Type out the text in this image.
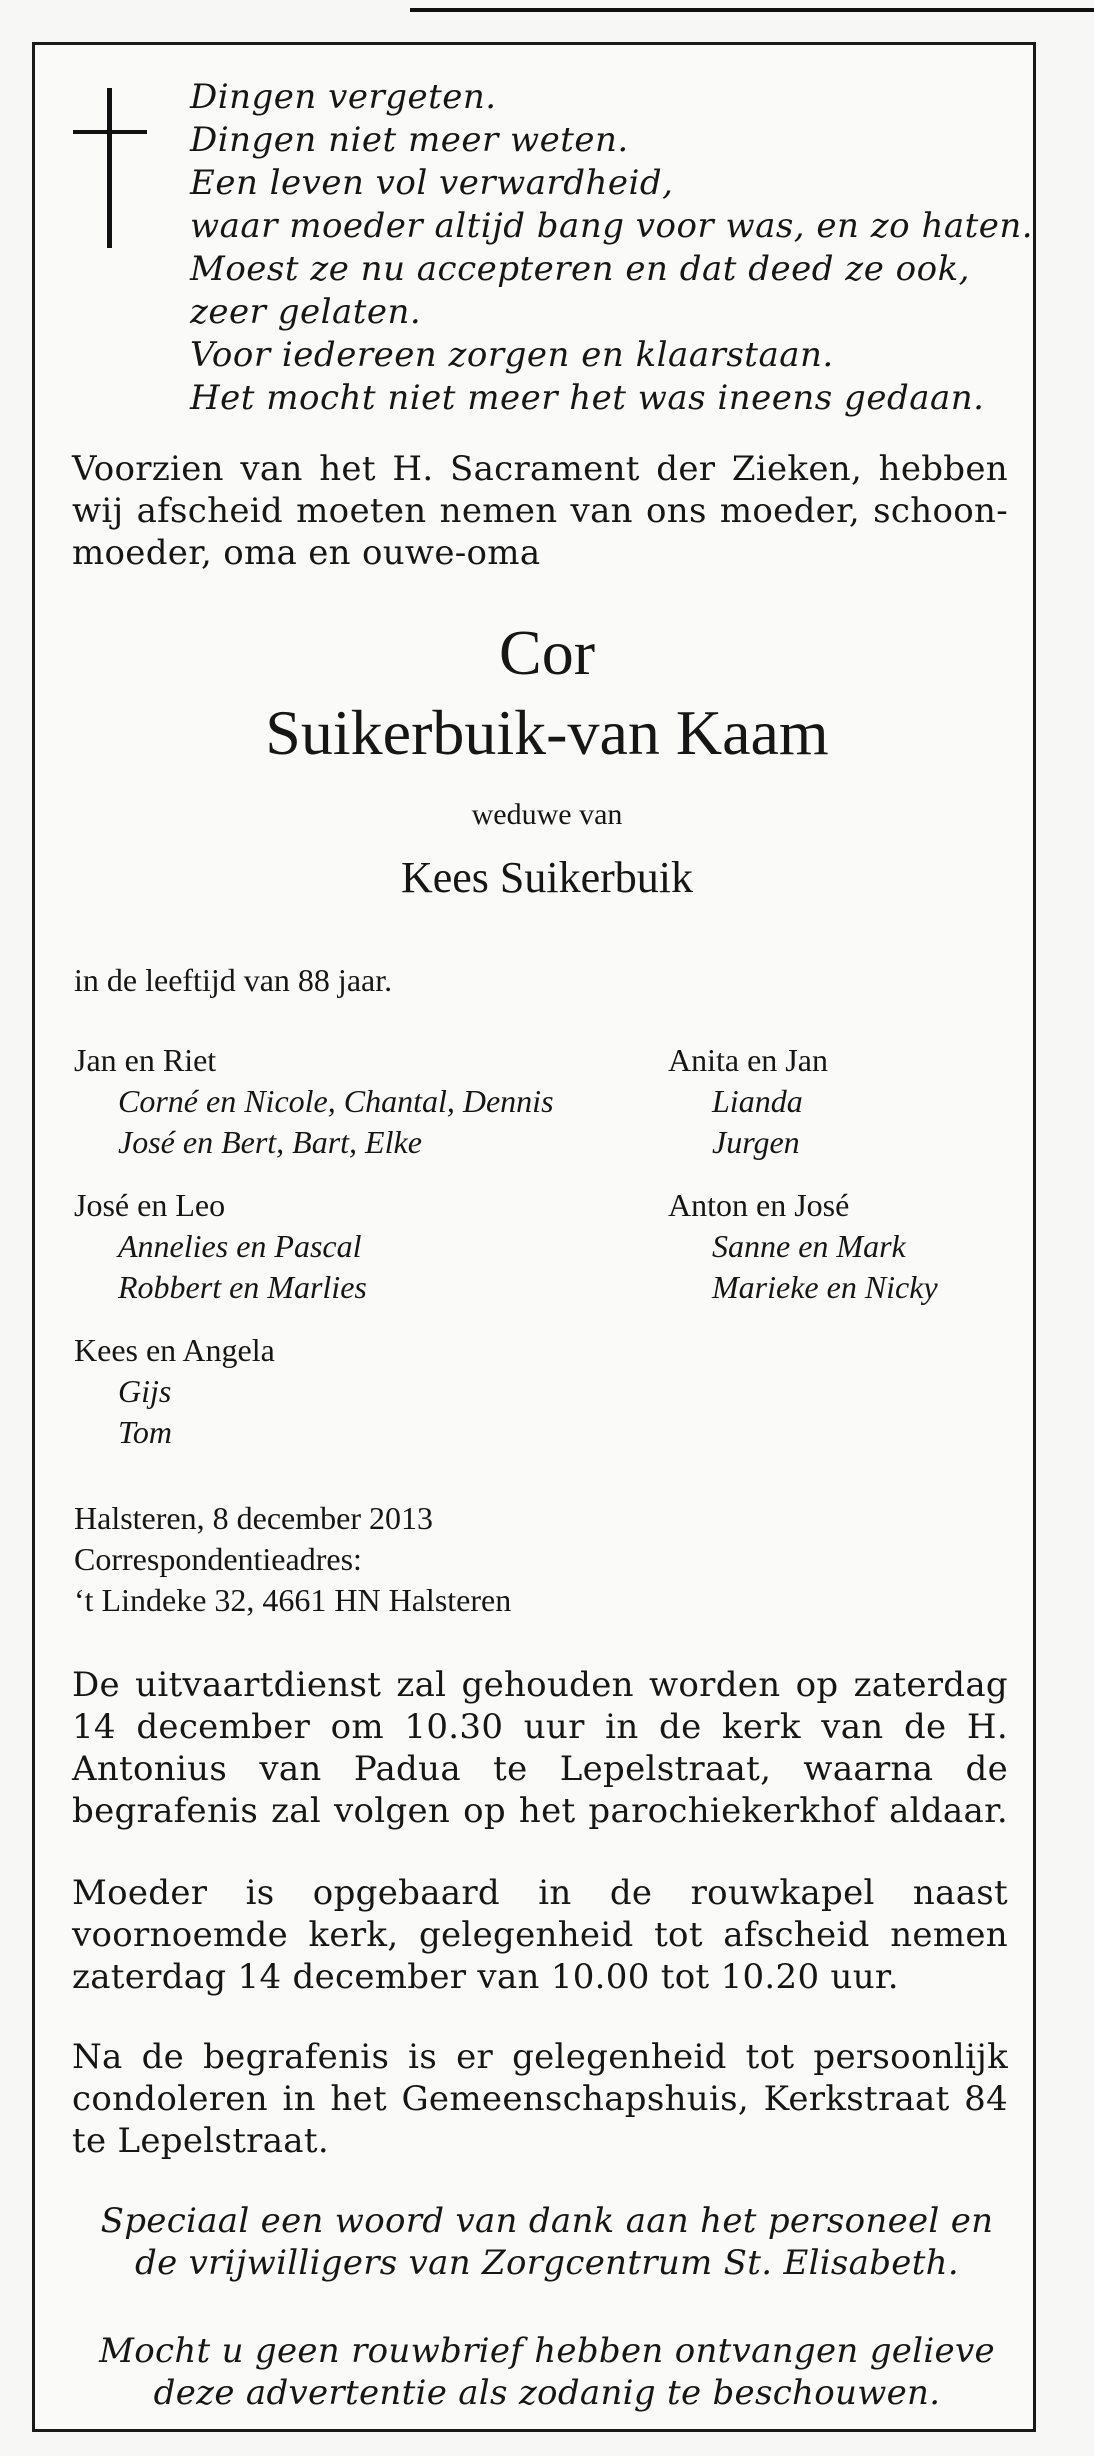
Dingen vergeten.
Dingen niet meer weten.
Een leven vol verwardheid,
waar moeder altijd bang voor was, en zo haten.
Moest ze nu accepteren en dat deed ze ook,
zeer gelaten.
Voor iedereen zorgen en klaarstaan.
Het mocht niet meer het was ineens gedaan.
Voorzien van het H. Sacrament der Zieken, hebben
wij afscheid moeten nemen van ons moeder, schoon-
moeder, oma en ouwe-oma
Cor
Suikerbuik-van Kaam
weduwe van
Kees Suikerbuik
in de leeftijd van 88 jaar.
Jan en Riet
Corné en Nicole, Chantal, Dennis
José en Bert, Bart, Elke
Anita en Jan
Lianda
Jurgen
José en Leo
Annelies en Pascal
Robbert en Marlies
Anton en José
Sanne en Mark
Marieke en Nicky
Kees en Angela
Gijs
Tom
Halsteren, 8 december 2013
Correspondentieadres:
‘t Lindeke 32, 4661 HN Halsteren
De uitvaartdienst zal gehouden worden op zaterdag
14 december om 10.30 uur in de kerk van de H.
Antonius van Padua te Lepelstraat, waarna de
begrafenis zal volgen op het parochiekerkhof aldaar.
Moeder is opgebaard in de rouwkapel naast
voornoemde kerk, gelegenheid tot afscheid nemen
zaterdag 14 december van 10.00 tot 10.20 uur.
Na de begrafenis is er gelegenheid tot persoonlijk
condoleren in het Gemeenschapshuis, Kerkstraat 84
te Lepelstraat.
Speciaal een woord van dank aan het personeel en
de vrijwilligers van Zorgcentrum St. Elisabeth.
Mocht u geen rouwbrief hebben ontvangen gelieve
deze advertentie als zodanig te beschouwen.
